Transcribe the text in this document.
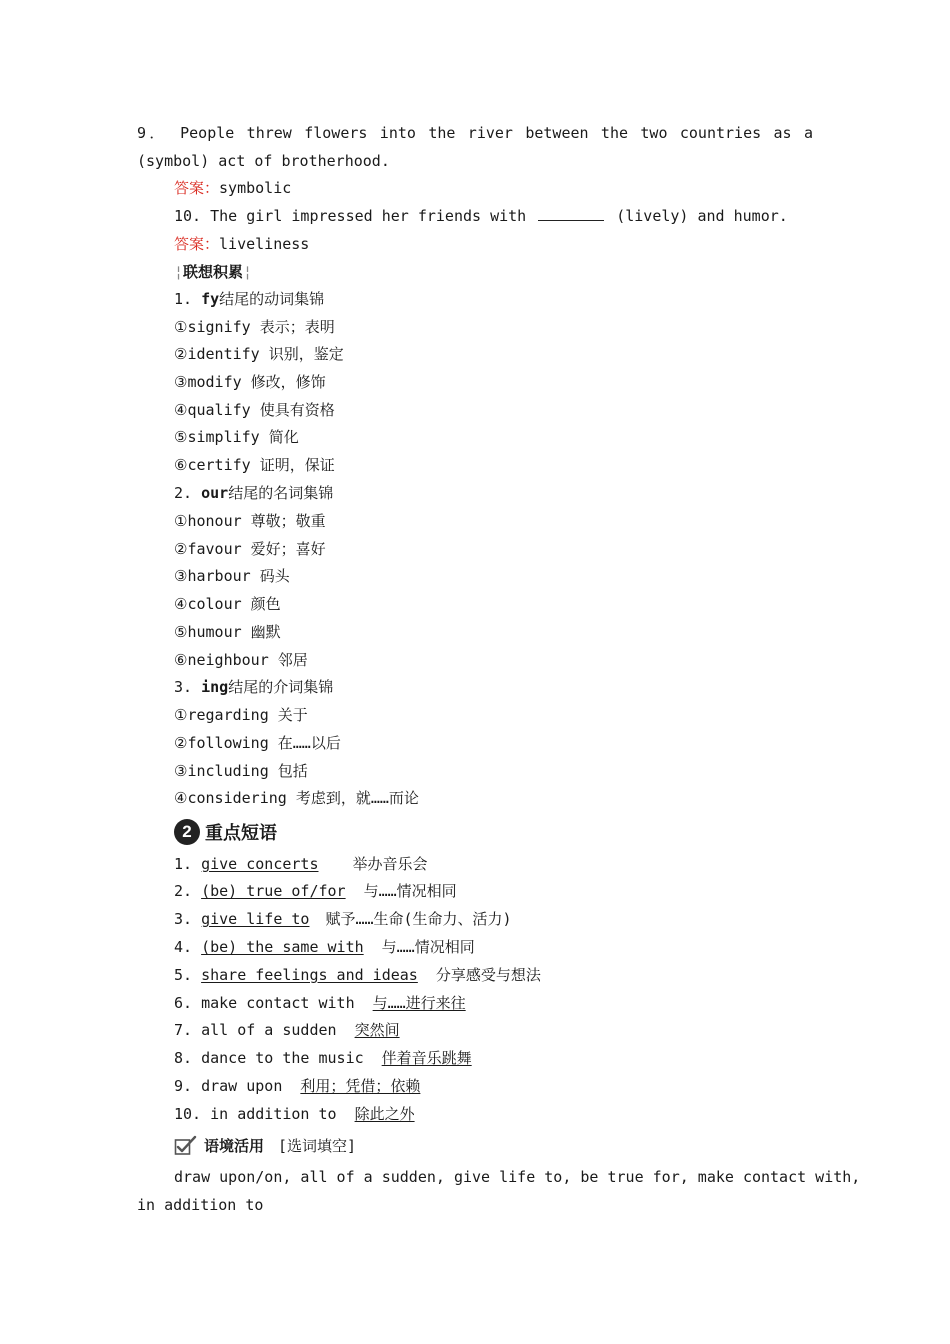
9． People threw flowers into the river between the two countries as a
(symbol) act of brotherhood.
答案：symbolic
10. The girl impressed her friends with	(lively) and humor.
答案：liveliness
¦联想积累¦
1. fy结尾的动词集锦
①signify 表示；表明
②identify 识别，鉴定
③modify 修改，修饰
④qualify 使具有资格
⑤simplify 简化
⑥certify 证明，保证
2. our结尾的名词集锦
①honour 尊敬；敬重
②favour 爱好；喜好
③harbour 码头
④colour 颜色
⑤humour 幽默
⑥neighbour 邻居
3. ing结尾的介词集锦
①regarding 关于
②following 在……以后
③including 包括
④considering 考虑到，就……而论
2 重点短语
1. give concerts 举办音乐会
2. (be) true of/for 与……情况相同
3. give life to 赋予……生命(生命力、活力)
4. (be) the same with 与……情况相同
5. share feelings and ideas 分享感受与想法
6. make contact with 与……进行来往
7. all of a sudden 突然间
8. dance to the music 伴着音乐跳舞
9. draw upon 利用；凭借；依赖
10. in addition to 除此之外
语境活用 [选词填空]
draw upon/on, all of a sudden, give life to, be true for, make contact with,
in addition to
